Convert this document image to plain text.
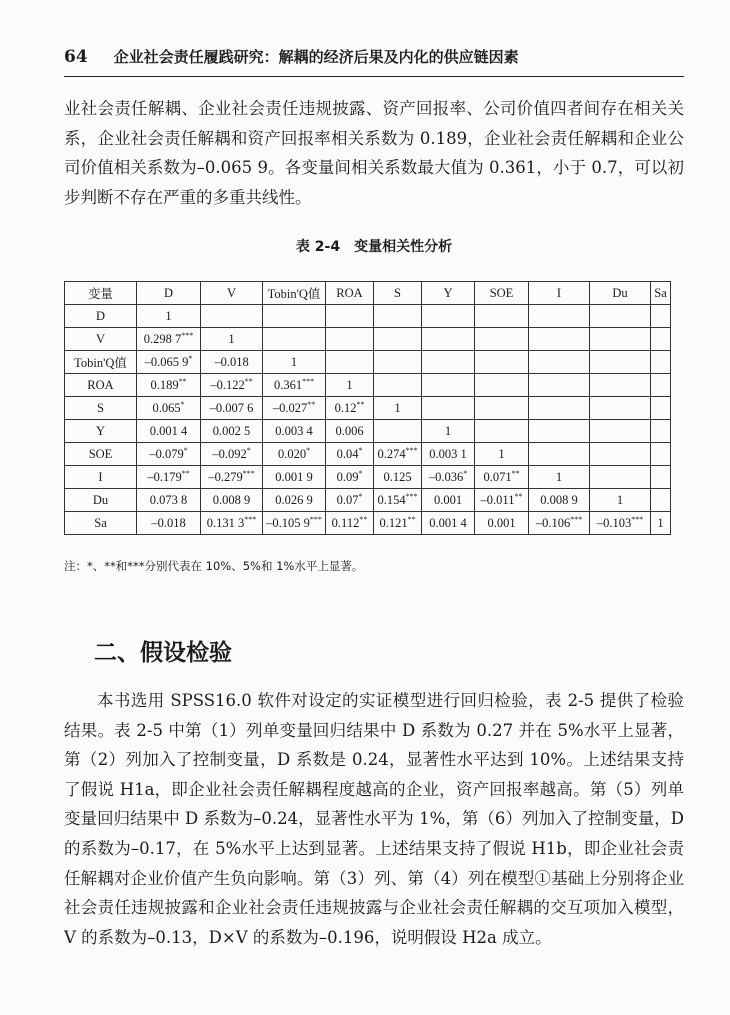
64 企业社会责任履践研究：解耦的经济后果及内化的供应链因素

业社会责任解耦、企业社会责任违规披露、资产回报率、公司价值四者间存在相关关系，企业社会责任解耦和资产回报率相关系数为 0.189，企业社会责任解耦和企业公司价值相关系数为–0.065 9。各变量间相关系数最大值为 0.361，小于 0.7，可以初步判断不存在严重的多重共线性。

表 2-4　变量相关性分析
变量	D	V	Tobin'Q值	ROA	S	Y	SOE	I	Du	Sa
D	1									
V	0.298 7***	1								
Tobin'Q值	–0.065 9*	–0.018	1							
ROA	0.189**	–0.122**	0.361***	1						
S	0.065*	–0.007 6	–0.027**	0.12**	1					
Y	0.001 4	0.002 5	0.003 4	0.006		1				
SOE	–0.079*	–0.092*	0.020*	0.04*	0.274***	0.003 1	1			
I	–0.179**	–0.279***	0.001 9	0.09*	0.125	–0.036*	0.071**	1		
Du	0.073 8	0.008 9	0.026 9	0.07*	0.154***	0.001	–0.011**	0.008 9	1	
Sa	–0.018	0.131 3***	–0.105 9***	0.112**	0.121**	0.001 4	0.001	–0.106***	–0.103***	1
注：*、**和***分别代表在 10%、5%和 1%水平上显著。
二、假设检验

本书选用 SPSS16.0 软件对设定的实证模型进行回归检验，表 2-5 提供了检验结果。表 2-5 中第（1）列单变量回归结果中 D 系数为 0.27 并在 5%水平上显著，第（2）列加入了控制变量，D 系数是 0.24，显著性水平达到 10%。上述结果支持了假说 H1a，即企业社会责任解耦程度越高的企业，资产回报率越高。第（5）列单变量回归结果中 D 系数为–0.24，显著性水平为 1%，第（6）列加入了控制变量，D 的系数为–0.17，在 5%水平上达到显著。上述结果支持了假说 H1b，即企业社会责任解耦对企业价值产生负向影响。第（3）列、第（4）列在模型①基础上分别将企业社会责任违规披露和企业社会责任违规披露与企业社会责任解耦的交互项加入模型，V 的系数为–0.13，D×V 的系数为–0.196，说明假设 H2a 成立。
